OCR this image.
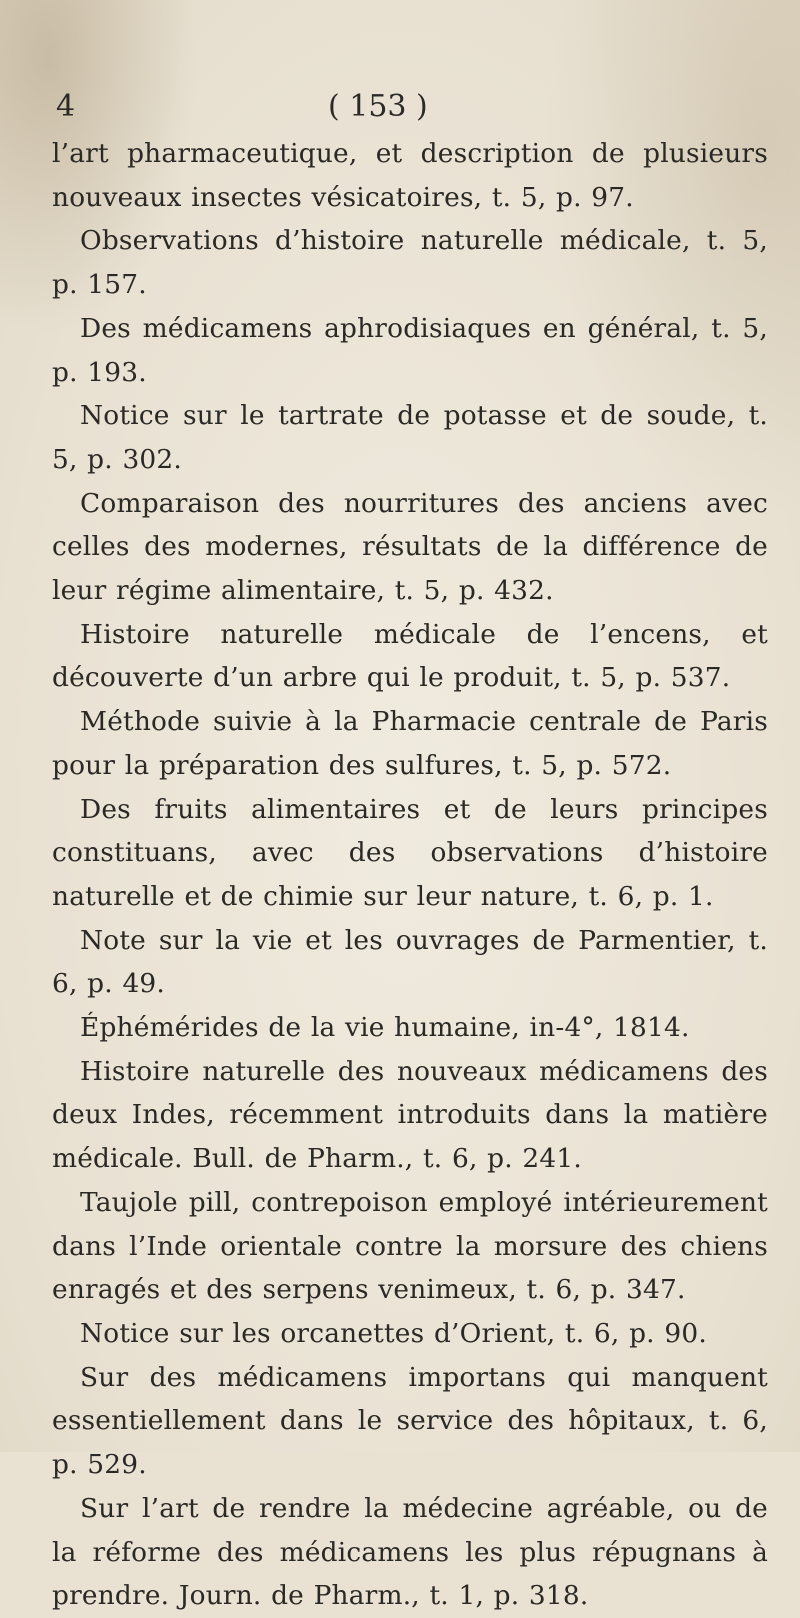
4	( 153 )

l’art pharmaceutique, et description de plusieurs nouveaux insectes vésicatoires, t. 5, p. 97.

Observations d’histoire naturelle médicale, t. 5, p. 157.

Des médicamens aphrodisiaques en général, t. 5, p. 193.

Notice sur le tartrate de potasse et de soude, t. 5, p. 302.

Comparaison des nourritures des anciens avec celles des modernes, résultats de la différence de leur régime alimentaire, t. 5, p. 432.

Histoire naturelle médicale de l’encens, et découverte d’un arbre qui le produit, t. 5, p. 537.

Méthode suivie à la Pharmacie centrale de Paris pour la préparation des sulfures, t. 5, p. 572.

Des fruits alimentaires et de leurs principes constituans, avec des observations d’histoire naturelle et de chimie sur leur nature, t. 6, p. 1.

Note sur la vie et les ouvrages de Parmentier, t. 6, p. 49.

Éphémérides de la vie humaine, in-4°, 1814.

Histoire naturelle des nouveaux médicamens des deux Indes, récemment introduits dans la matière médicale. Bull. de Pharm., t. 6, p. 241.

Taujole pill, contrepoison employé intérieurement dans l’Inde orientale contre la morsure des chiens enragés et des serpens venimeux, t. 6, p. 347.

Notice sur les orcanettes d’Orient, t. 6, p. 90.

Sur des médicamens importans qui manquent essentiellement dans le service des hôpitaux, t. 6, p. 529.

Sur l’art de rendre la médecine agréable, ou de la réforme des médicamens les plus répugnans à prendre. Journ. de Pharm., t. 1, p. 318.
